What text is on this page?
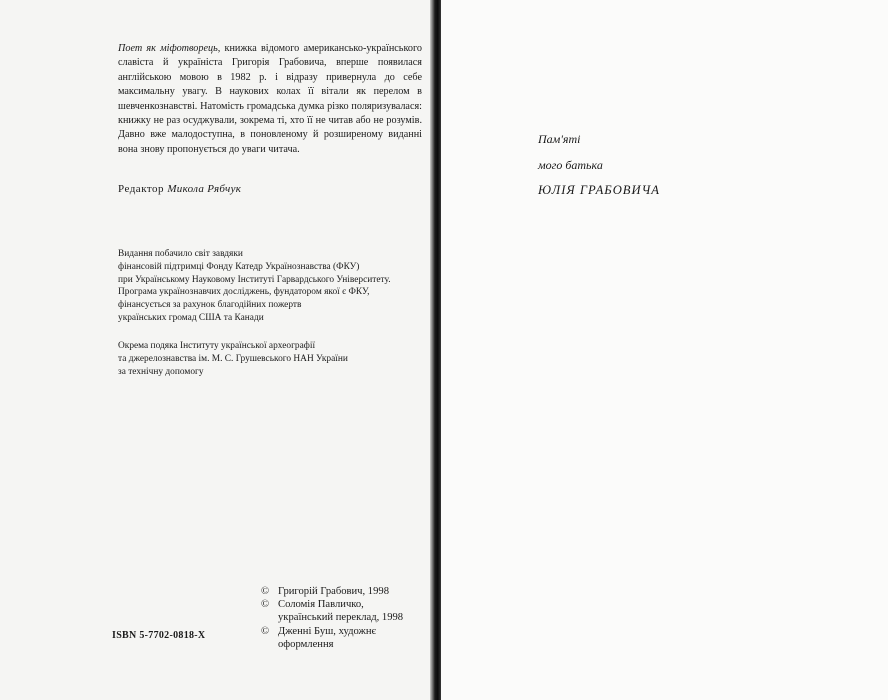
Поет як міфотворець, книжка відомого американсько-українського славіста й україніста Григорія Грабовича, вперше появилася англійською мовою в 1982 р. і відразу привернула до себе максимальну увагу. В наукових колах її вітали як перелом в шевченкознавстві. Натомість громадська думка різко поляризувалася: книжку не раз осуджували, зокрема ті, хто її не читав або не розумів. Давно вже малодоступна, в поновленому й розширеному виданні вона знову пропонується до уваги читача.

Редактор Микола Рябчук

Видання побачило світ завдяки
фінансовій підтримці Фонду Катедр Українознавства (ФКУ)
при Українському Науковому Інституті Гарвардського Університету.
Програма українознавчих досліджень, фундатором якої є ФКУ,
фінансується за рахунок благодійних пожертв
українських громад США та Канади

Окрема подяка Інституту української археографії
та джерелознавства ім. М. С. Грушевського НАН України
за технічну допомогу

© Григорій Грабович, 1998
© Соломія Павличко,
український переклад, 1998
© Дженні Буш, художнє
оформлення
ISBN 5-7702-0818-X
Пам'яті
мого батька
ЮЛІЯ ГРАБОВИЧА
